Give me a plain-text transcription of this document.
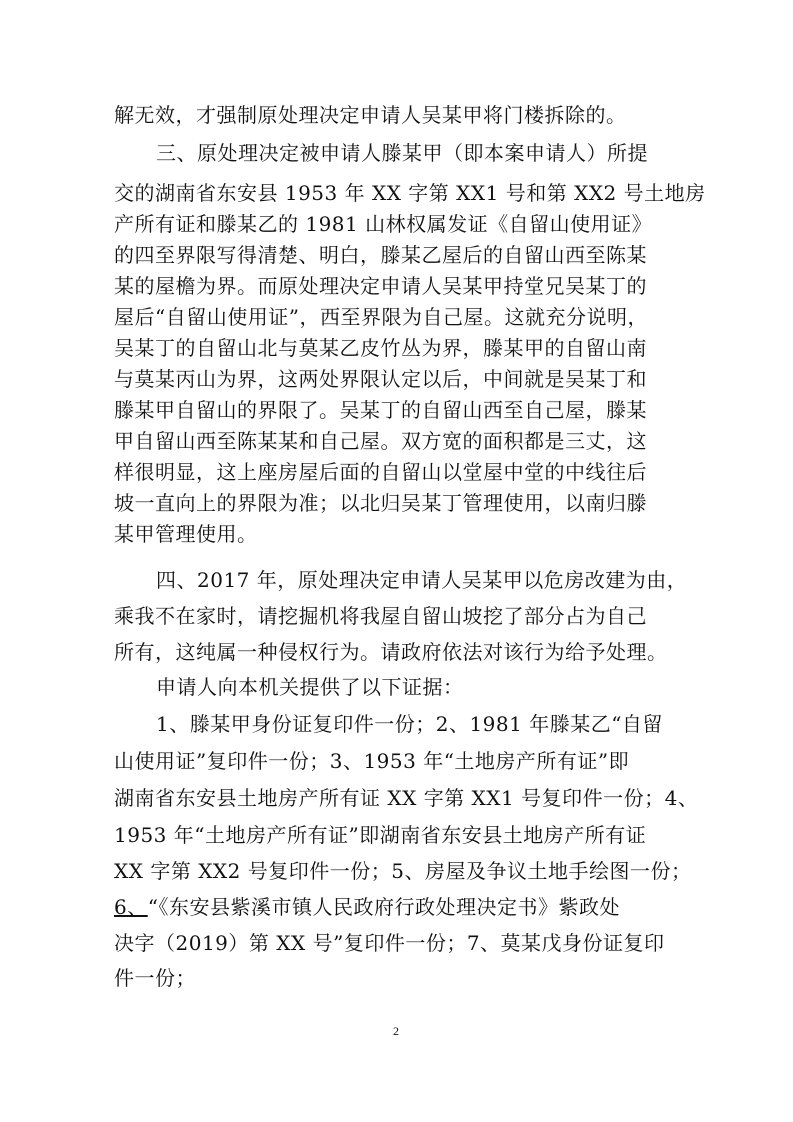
解无效，才强制原处理决定申请人吴某甲将门楼拆除的。
三、原处理决定被申请人滕某甲（即本案申请人）所提
交的湖南省东安县 1953 年 XX 字第 XX1 号和第 XX2 号土地房
产所有证和滕某乙的 1981 山林权属发证《自留山使用证》
的四至界限写得清楚、明白，滕某乙屋后的自留山西至陈某
某的屋檐为界。而原处理决定申请人吴某甲持堂兄吴某丁的
屋后“自留山使用证”，西至界限为自己屋。这就充分说明，
吴某丁的自留山北与莫某乙皮竹丛为界，滕某甲的自留山南
与莫某丙山为界，这两处界限认定以后，中间就是吴某丁和
滕某甲自留山的界限了。吴某丁的自留山西至自己屋，滕某
甲自留山西至陈某某和自己屋。双方宽的面积都是三丈，这
样很明显，这上座房屋后面的自留山以堂屋中堂的中线往后
坡一直向上的界限为准；以北归吴某丁管理使用，以南归滕
某甲管理使用。
四、2017 年，原处理决定申请人吴某甲以危房改建为由，
乘我不在家时，请挖掘机将我屋自留山坡挖了部分占为自己
所有，这纯属一种侵权行为。请政府依法对该行为给予处理。
申请人向本机关提供了以下证据：
1、滕某甲身份证复印件一份；2、1981 年滕某乙“自留
山使用证”复印件一份；3、1953 年“土地房产所有证”即
湖南省东安县土地房产所有证 XX 字第 XX1 号复印件一份；4、
1953 年“土地房产所有证”即湖南省东安县土地房产所有证
XX 字第 XX2 号复印件一份；5、房屋及争议土地手绘图一份；
6、“《东安县紫溪市镇人民政府行政处理决定书》紫政处
决字（2019）第 XX 号”复印件一份；7、莫某戊身份证复印
件一份；
2
